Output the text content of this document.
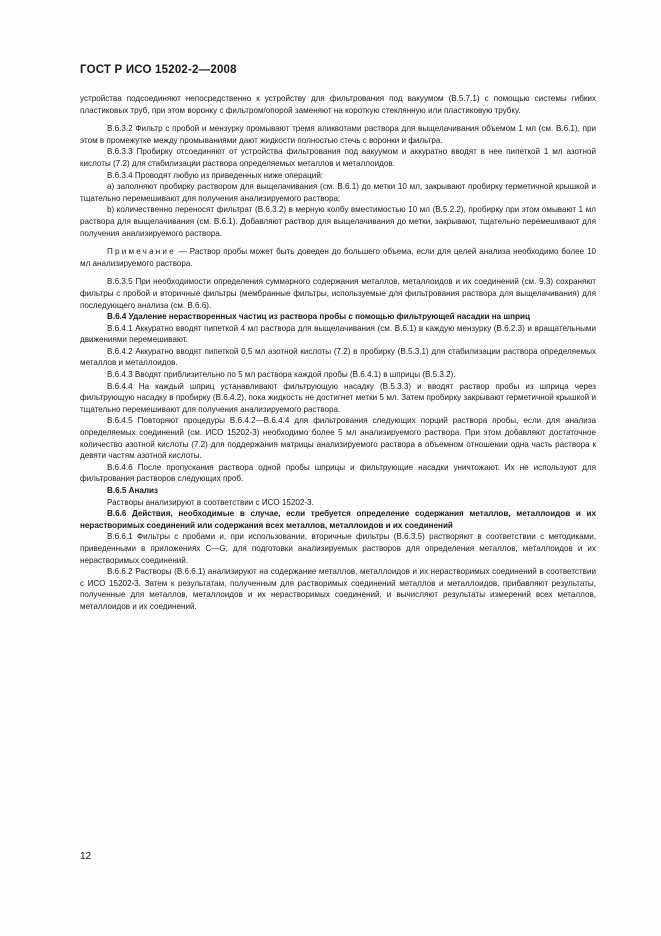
ГОСТ Р ИСО 15202-2—2008

устройства подсоединяют непосредственно к устройству для фильтрования под вакуумом (В.5.7.1) с помощью системы гибких пластиковых труб, при этом воронку с фильтром/опорой заменяют на короткую стеклянную или пластиковую трубку.

В.6.3.2 Фильтр с пробой и мензурку промывают тремя аликвотами раствора для выщелачивания объемом 1 мл (см. В.6.1), при этом в промежутке между промываниями дают жидкости полностью стечь с воронки и фильтра.

В.6.3.3 Пробирку отсоединяют от устройства фильтрования под вакуумом и аккуратно вводят в нее пипеткой 1 мл азотной кислоты (7.2) для стабилизации раствора определяемых металлов и металлоидов.

В.6.3.4 Проводят любую из приведенных ниже операций:

a) заполняют пробирку раствором для выщелачивания (см. В.6.1) до метки 10 мл, закрывают пробирку герметичной крышкой и тщательно перемешивают для получения анализируемого раствора;

b) количественно переносят фильтрат (В.6.3.2) в мерную колбу вместимостью 10 мл (В.5.2.2), пробирку при этом омывают 1 мл раствора для выщелачивания (см. В.6.1). Добавляют раствор для выщелачивания до метки, закрывают, тщательно перемешивают для получения анализируемого раствора.

Примечание — Раствор пробы может быть доведен до большего объема, если для целей анализа необходимо более 10 мл анализируемого раствора.

В.6.3.5 При необходимости определения суммарного содержания металлов, металлоидов и их соединений (см. 9.3) сохраняют фильтры с пробой и вторичные фильтры (мембранные фильтры, используемые для фильтрования раствора для выщелачивания) для последующего анализа (см. В.6.6).

В.6.4 Удаление нерастворенных частиц из раствора пробы с помощью фильтрующей насадки на шприц

В.6.4.1 Аккуратно вводят пипеткой 4 мл раствора для выщелачивания (см. В.6.1) в каждую мензурку (В.6.2.3) и вращательными движениями перемешивают.

В.6.4.2 Аккуратно вводят пипеткой 0,5 мл азотной кислоты (7.2) в пробирку (В.5.3.1) для стабилизации раствора определяемых металлов и металлоидов.

В.6.4.3 Вводят приблизительно по 5 мл раствора каждой пробы (В.6.4.1) в шприцы (В.5.3.2).

В.6.4.4 На каждый шприц устанавливают фильтрующую насадку (В.5.3.3) и вводят раствор пробы из шприца через фильтрующую насадку в пробирку (В.6.4.2), пока жидкость не достигнет метки 5 мл. Затем пробирку закрывают герметичной крышкой и тщательно перемешивают для получения анализируемого раствора.

В.6.4.5 Повторяют процедуры В.6.4.2—В.6.4.4 для фильтрования следующих порций раствора пробы, если для анализа определяемых соединений (см. ИСО 15202-3) необходимо более 5 мл анализируемого раствора. При этом добавляют достаточное количество азотной кислоты (7.2) для поддержания матрицы анализируемого раствора в объемном отношении одна часть раствора к девяти частям азотной кислоты.

В.6.4.6 После пропускания раствора одной пробы шприцы и фильтрующие насадки уничтожают. Их не используют для фильтрования растворов следующих проб.

В.6.5 Анализ

Растворы анализируют в соответствии с ИСО 15202-3.

В.6.6 Действия, необходимые в случае, если требуется определение содержания металлов, металлоидов и их нерастворимых соединений или содержания всех металлов, металлоидов и их соединений

В.6.6.1 Фильтры с пробами и, при использовании, вторичные фильтры (В.6.3.5) растворяют в соответствии с методиками, приведенными в приложениях С—G, для подготовки анализируемых растворов для определения металлов, металлоидов и их нерастворимых соединений.

В.6.6.2 Растворы (В.6.6.1) анализируют на содержание металлов, металлоидов и их нерастворимых соединений в соответствии с ИСО 15202-3. Затем к результатам, полученным для растворимых соединений металлов и металлоидов, прибавляют результаты, полученные для металлов, металлоидов и их нерастворимых соединений, и вычисляют результаты измерений всех металлов, металлоидов и их соединений.

12
